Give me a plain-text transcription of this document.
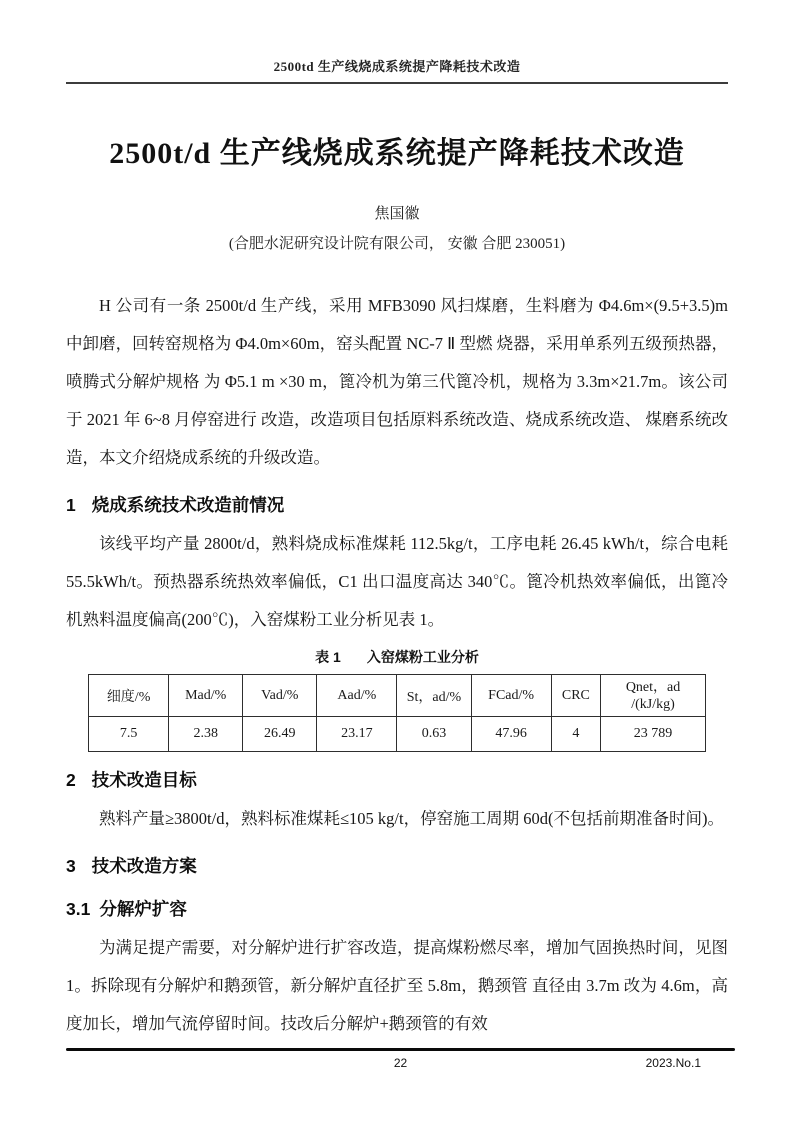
2500td 生产线烧成系统提产降耗技术改造
2500t/d 生产线烧成系统提产降耗技术改造
焦国徽
(合肥水泥研究设计院有限公司， 安徽 合肥 230051)

H 公司有一条 2500t/d 生产线，采用 MFB3090 风扫煤磨，生料磨为 Φ4.6m×(9.5+3.5)m 中卸磨，回转窑规格为 Φ4.0m×60m，窑头配置 NC-7 Ⅱ 型燃 烧器，采用单系列五级预热器，喷腾式分解炉规格 为 Φ5.1 m ×30 m，篦冷机为第三代篦冷机，规格为 3.3m×21.7m。该公司于 2021 年 6~8 月停窑进行 改造，改造项目包括原料系统改造、烧成系统改造、 煤磨系统改造，本文介绍烧成系统的升级改造。

1 烧成系统技术改造前情况

该线平均产量 2800t/d，熟料烧成标准煤耗 112.5kg/t，工序电耗 26.45 kWh/t，综合电耗 55.5kWh/t。预热器系统热效率偏低，C1 出口温度高达 340℃。篦冷机热效率偏低，出篦冷机熟料温度偏高(200℃)，入窑煤粉工业分析见表 1。

表 1 入窑煤粉工业分析
细度/%	Mad/%	Vad/%	Aad/%	St，ad/%	FCad/%	CRC	Qnet，ad
/(kJ/kg)

7.5	2.38	26.49	23.17	0.63	47.96	4	23 789
2 技术改造目标

熟料产量≥3800t/d，熟料标准煤耗≤105 kg/t，停窑施工周期 60d(不包括前期准备时间)。

3 技术改造方案
3.1 分解炉扩容

为满足提产需要，对分解炉进行扩容改造，提高煤粉燃尽率，增加气固换热时间，见图 1。拆除现有分解炉和鹅颈管，新分解炉直径扩至 5.8m，鹅颈管 直径由 3.7m 改为 4.6m，高度加长，增加气流停留时间。技改后分解炉+鹅颈管的有效

22	2023.No.1
